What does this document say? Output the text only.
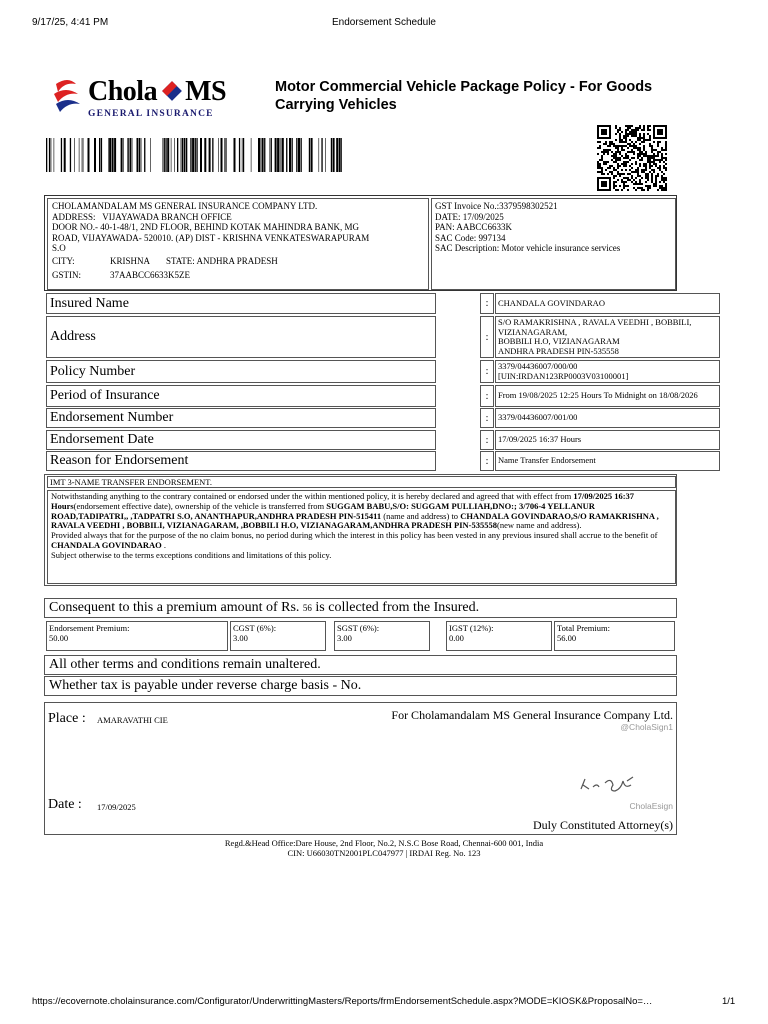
9/17/25, 4:41 PM	Endorsement Schedule
Chola MS
GENERAL INSURANCE
Motor Commercial Vehicle Package Policy - For Goods Carrying Vehicles
CHOLAMANDALAM MS GENERAL INSURANCE COMPANY LTD.
ADDRESS: VIJAYAWADA BRANCH OFFICE
DOOR NO.- 40-1-48/1, 2ND FLOOR, BEHIND KOTAK MAHINDRA BANK, MG ROAD, VIJAYAWADA- 520010. (AP) DIST - KRISHNA VENKATESWARAPURAM S.O
CITY:	KRISHNA STATE: ANDHRA PRADESH
GSTIN:	37AABCC6633K5ZE
GST Invoice No.:3379598302521
DATE: 17/09/2025
PAN: AABCC6633K
SAC Code: 997134
SAC Description: Motor vehicle insurance services
Insured Name	:	CHANDALA GOVINDARAO
Address	:
S/O RAMAKRISHNA , RAVALA VEEDHI , BOBBILI, VIZIANAGARAM,
BOBBILI H.O, VIZIANAGARAM
ANDHRA PRADESH PIN-535558
Policy Number	:	3379/04436007/000/00
[UIN:IRDAN123RP0003V03100001]
Period of Insurance	:	From 19/08/2025 12:25 Hours To Midnight on 18/08/2026
Endorsement Number	:	3379/04436007/001/00
Endorsement Date	:	17/09/2025 16:37 Hours
Reason for Endorsement	:	Name Transfer Endorsement
IMT 3-NAME TRANSFER ENDORSEMENT.
Notwithstanding anything to the contrary contained or endorsed under the within mentioned policy, it is hereby declared and agreed that with effect from 17/09/2025 16:37 Hours(endorsement effective date), ownership of the vehicle is transferred from SUGGAM BABU,S/O: SUGGAM PULLIAH,DNO:; 3/706-4 YELLANUR ROAD,TADIPATRI,, ,TADPATRI S.O, ANANTHAPUR,ANDHRA PRADESH PIN-515411 (name and address) to CHANDALA GOVINDARAO,S/O RAMAKRISHNA , RAVALA VEEDHI , BOBBILI, VIZIANAGARAM, ,BOBBILI H.O, VIZIANAGARAM,ANDHRA PRADESH PIN-535558(new name and address).
Provided always that for the purpose of the no claim bonus, no period during which the interest in this policy has been vested in any previous insured shall accrue to the benefit of CHANDALA GOVINDARAO .
Subject otherwise to the terms exceptions conditions and limitations of this policy.
Consequent to this a premium amount of Rs.
56
is collected from the Insured.
Endorsement Premium:
50.00
CGST (6%):
3.00
SGST (6%):
3.00
IGST (12%):
0.00
Total Premium:
56.00
All other terms and conditions remain unaltered.
Whether tax is payable under reverse charge basis - No.
Place : AMARAVATHI CIE	For Cholamandalam MS General Insurance Company Ltd.
@CholaSign1
CholaEsign
Date : 17/09/2025
Duly Constituted Attorney(s)
Regd.&Head Office:Dare House, 2nd Floor, No.2, N.S.C Bose Road, Chennai-600 001, India
CIN: U66030TN2001PLC047977 | IRDAI Reg. No. 123
https://ecovernote.cholainsurance.com/Configurator/UnderwrittingMasters/Reports/frmEndorsementSchedule.aspx?MODE=KIOSK&ProposalNo=…	1/1
